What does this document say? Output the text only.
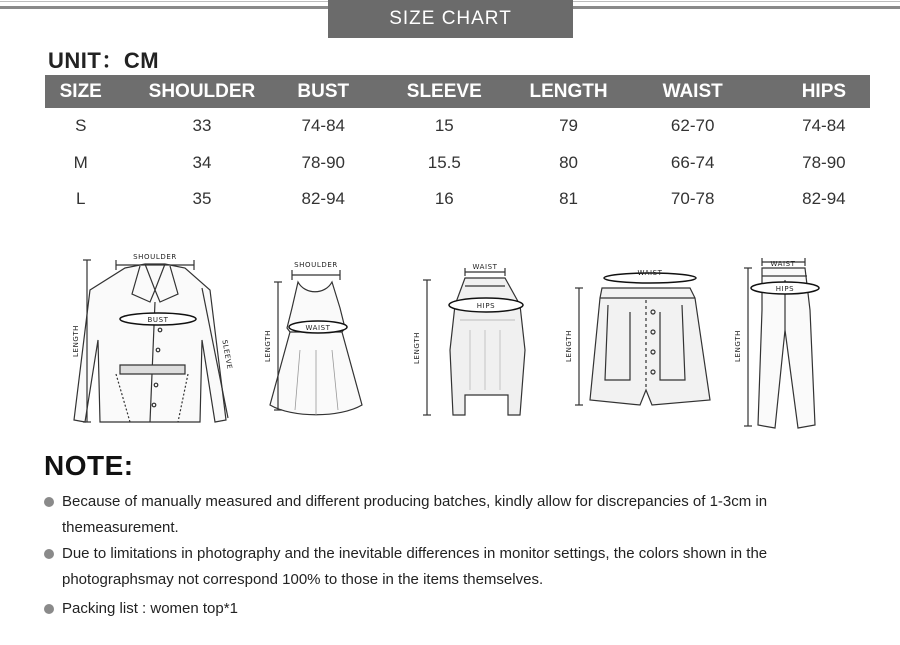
SIZE CHART
UNIT：CM
SIZE	SHOULDER	BUST	SLEEVE	LENGTH	WAIST	HIPS
S	33	74-84	15	79	62-70	74-84
M	34	78-90	15.5	80	66-74	78-90
L	35	82-94	16	81	70-78	82-94
SHOULDER
BUST
LENGTH	SLEEVE
SHOULDER
WAIST
LENGTH
WAIST
HIPS
LENGTH
WAIST
LENGTH
WAIST
HIPS
LENGTH
NOTE:
Because of manually measured and different producing batches, kindly allow for discrepancies of 1-3cm in
themeasurement.
Due to limitations in photography and the inevitable differences in monitor settings, the colors shown in the
photographsmay not correspond 100% to those in the items themselves.
Packing list : women top*1
